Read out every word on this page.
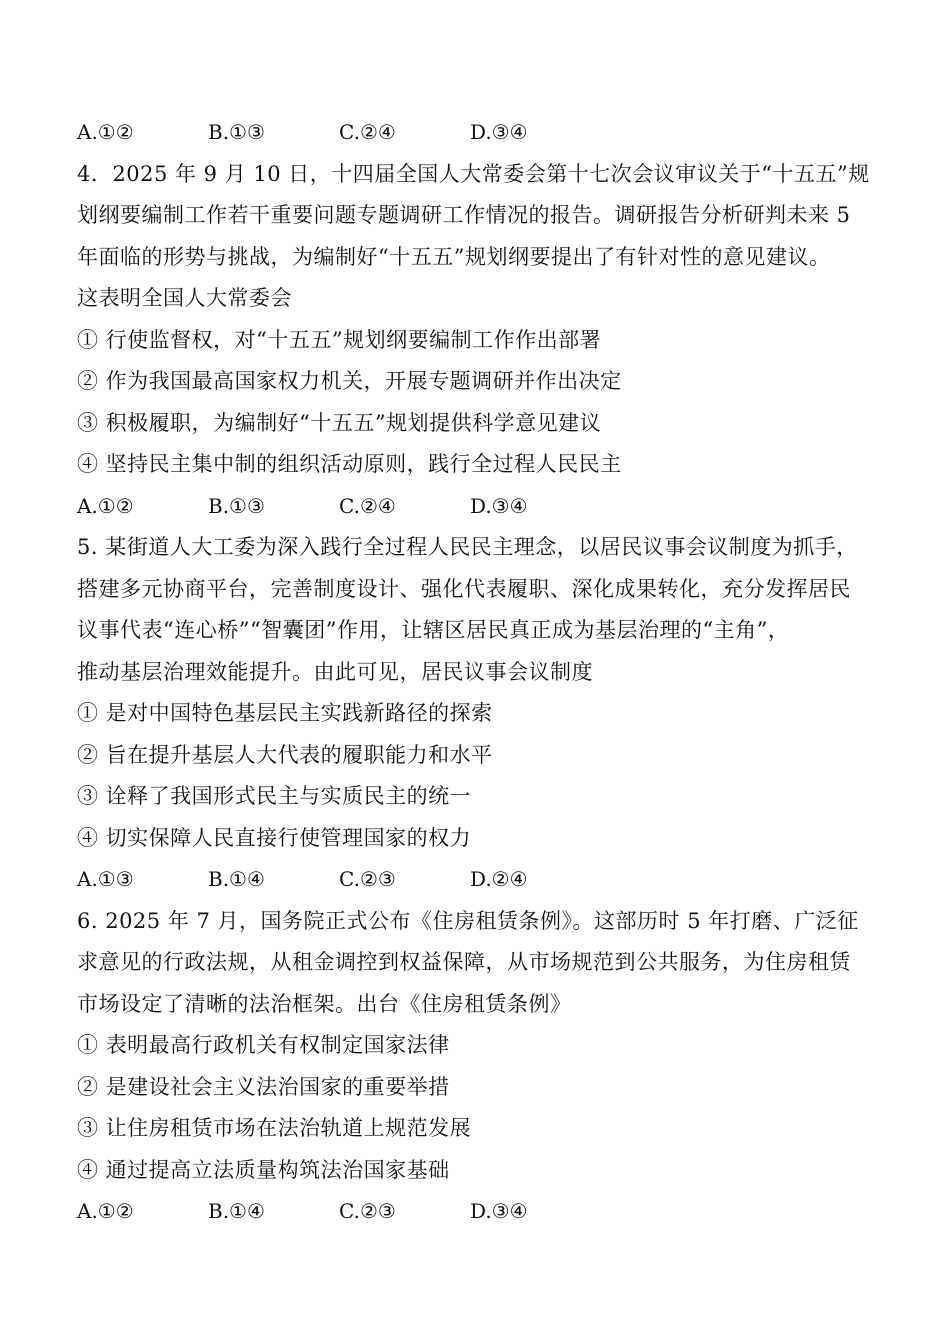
A.①②	B.①③	C.②④	D.③④
4．2025 年 9 月 10 日，十四届全国人大常委会第十七次会议审议关于“十五五”规
划纲要编制工作若干重要问题专题调研工作情况的报告。调研报告分析研判未来 5
年面临的形势与挑战，为编制好“十五五”规划纲要提出了有针对性的意见建议。
这表明全国人大常委会
① 行使监督权，对“十五五”规划纲要编制工作作出部署
② 作为我国最高国家权力机关，开展专题调研并作出决定
③ 积极履职，为编制好“十五五”规划提供科学意见建议
④ 坚持民主集中制的组织活动原则，践行全过程人民民主
A.①②	B.①③	C.②④	D.③④
5. 某街道人大工委为深入践行全过程人民民主理念，以居民议事会议制度为抓手，
搭建多元协商平台，完善制度设计、强化代表履职、深化成果转化，充分发挥居民
议事代表“连心桥”“智囊团”作用，让辖区居民真正成为基层治理的“主角”，
推动基层治理效能提升。由此可见，居民议事会议制度
① 是对中国特色基层民主实践新路径的探索
② 旨在提升基层人大代表的履职能力和水平
③ 诠释了我国形式民主与实质民主的统一
④ 切实保障人民直接行使管理国家的权力
A.①③	B.①④	C.②③	D.②④
6. 2025 年 7 月，国务院正式公布《住房租赁条例》。这部历时 5 年打磨、广泛征
求意见的行政法规，从租金调控到权益保障，从市场规范到公共服务，为住房租赁
市场设定了清晰的法治框架。出台《住房租赁条例》
① 表明最高行政机关有权制定国家法律
② 是建设社会主义法治国家的重要举措
③ 让住房租赁市场在法治轨道上规范发展
④ 通过提高立法质量构筑法治国家基础
A.①②	B.①④	C.②③	D.③④
